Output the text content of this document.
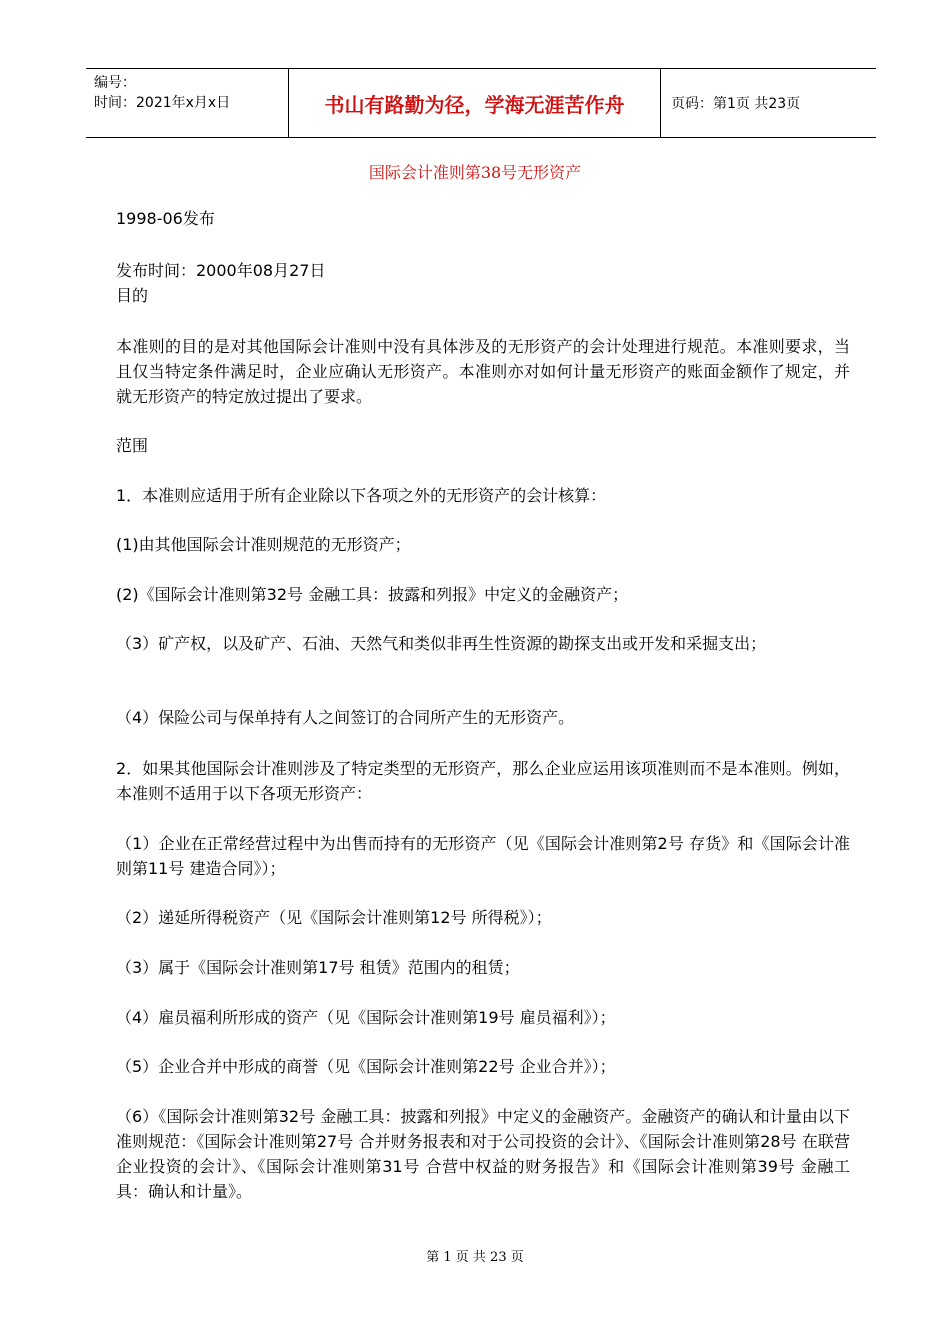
编号：
时间：2021年x月x日	书山有路勤为径，学海无涯苦作舟	页码：第1页 共23页
国际会计准则第38号无形资产

1998-06发布

发布时间：2000年08月27日

目的

本准则的目的是对其他国际会计准则中没有具体涉及的无形资产的会计处理进行规范。本准则要求，当且仅当特定条件满足时，企业应确认无形资产。本准则亦对如何计量无形资产的账面金额作了规定，并就无形资产的特定放过提出了要求。

范围

1．本准则应适用于所有企业除以下各项之外的无形资产的会计核算：

(1)由其他国际会计准则规范的无形资产；

(2)《国际会计准则第32号 金融工具：披露和列报》中定义的金融资产；

（3）矿产权，以及矿产、石油、天然气和类似非再生性资源的勘探支出或开发和采掘支出；

（4）保险公司与保单持有人之间签订的合同所产生的无形资产。

2．如果其他国际会计准则涉及了特定类型的无形资产，那么企业应运用该项准则而不是本准则。例如，本准则不适用于以下各项无形资产：

（1）企业在正常经营过程中为出售而持有的无形资产（见《国际会计准则第2号 存货》和《国际会计准则第11号 建造合同》）；

（2）递延所得税资产（见《国际会计准则第12号 所得税》）；

（3）属于《国际会计准则第17号 租赁》范围内的租赁；

（4）雇员福利所形成的资产（见《国际会计准则第19号 雇员福利》）；

（5）企业合并中形成的商誉（见《国际会计准则第22号 企业合并》）；

（6）《国际会计准则第32号 金融工具：披露和列报》中定义的金融资产。金融资产的确认和计量由以下准则规范：《国际会计准则第27号 合并财务报表和对于公司投资的会计》、《国际会计准则第28号 在联营企业投资的会计》、《国际会计准则第31号 合营中权益的财务报告》和《国际会计准则第39号 金融工具：确认和计量》。

第 1 页 共 23 页
